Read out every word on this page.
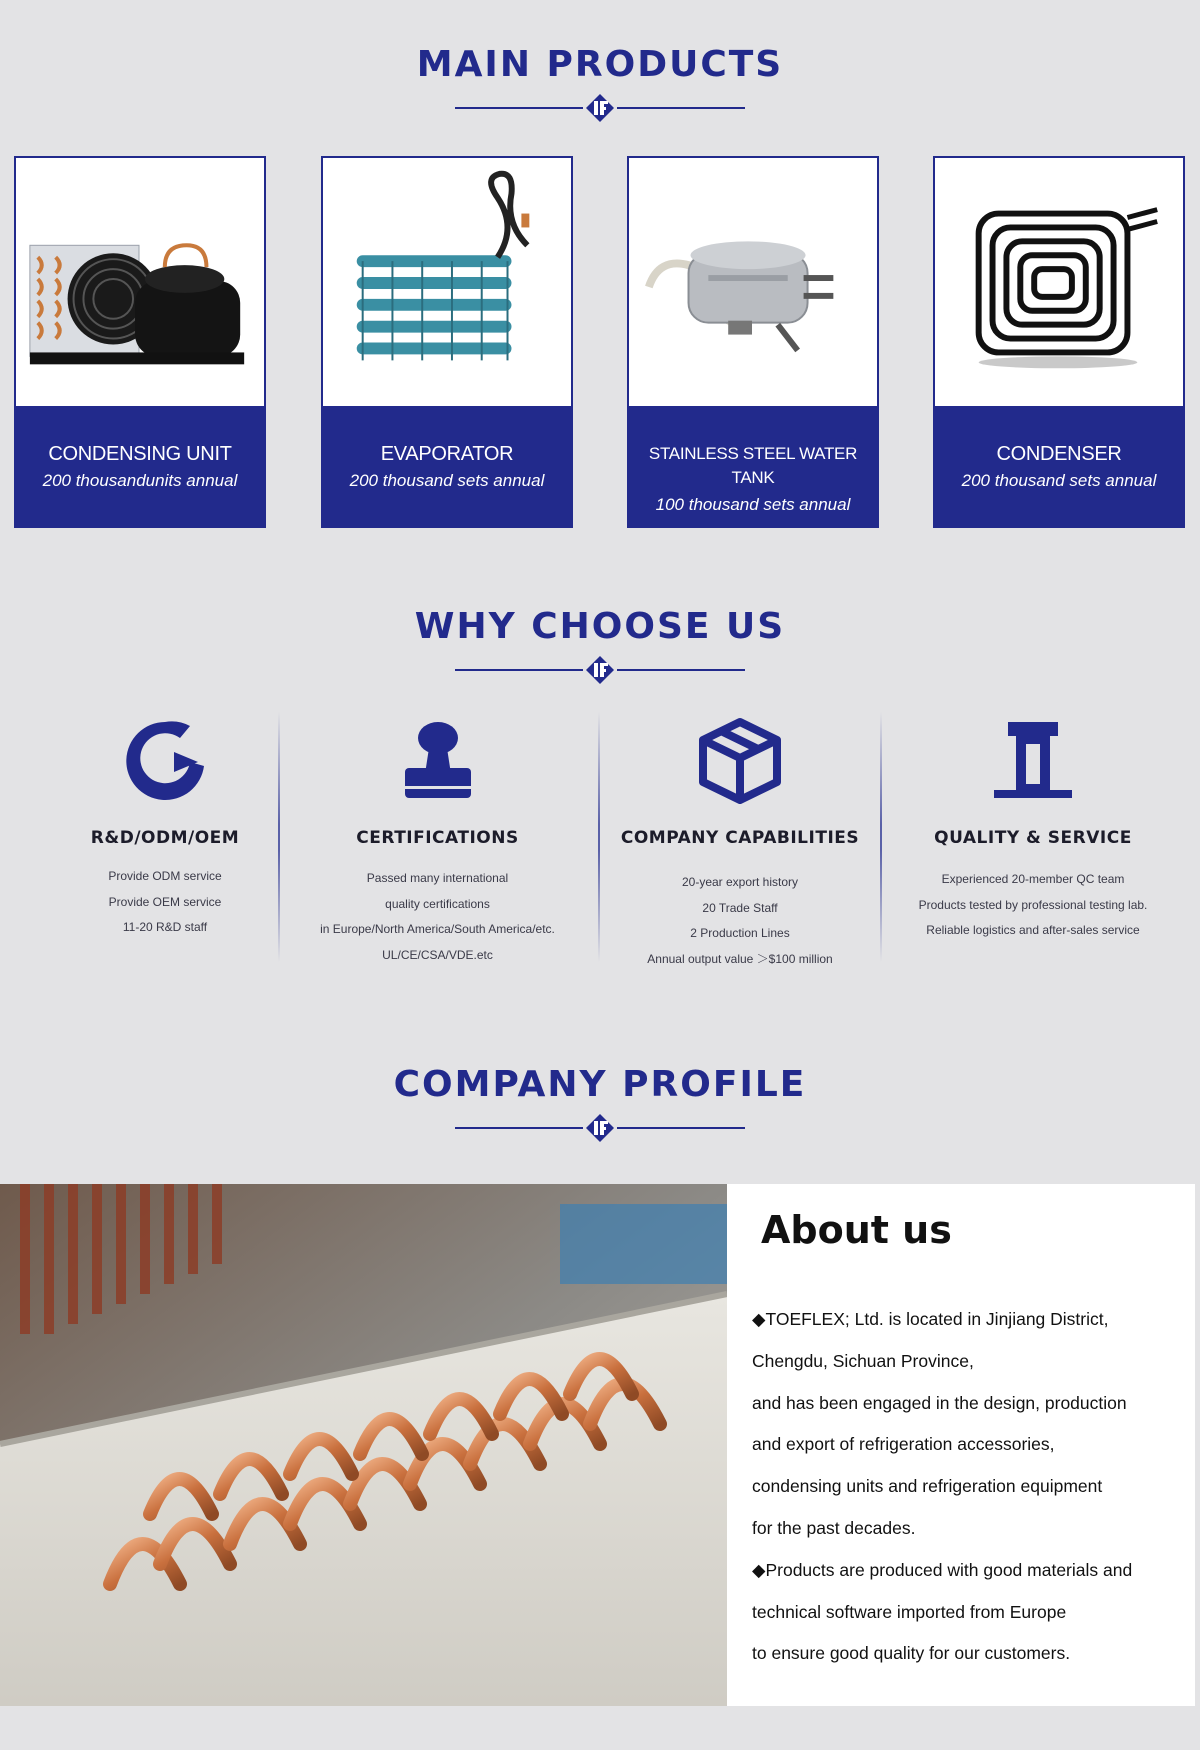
MAIN PRODUCTS
CONDENSING UNIT
200 thousandunits annual
EVAPORATOR
200 thousand sets annual
STAINLESS STEEL WATER TANK
100 thousand sets annual
CONDENSER
200 thousand sets annual
WHY CHOOSE US
R&D/ODM/OEM
Provide ODM service
Provide OEM service
11-20 R&D staff
CERTIFICATIONS
Passed many international
quality certifications
in Europe/North America/South America/etc.
UL/CE/CSA/VDE.etc
COMPANY CAPABILITIES
20-year export history
20 Trade Staff
2 Production Lines
Annual output value ＞$100 million
QUALITY & SERVICE
Experienced 20-member QC team
Products tested by professional testing lab.
Reliable logistics and after-sales service
COMPANY PROFILE
About us

◆TOEFLEX; Ltd. is located in Jinjiang District,

Chengdu, Sichuan Province,

and has been engaged in the design, production

and export of refrigeration accessories,

condensing units and refrigeration equipment

for the past decades.

◆Products are produced with good materials and

technical software imported from Europe

to ensure good quality for our customers.
